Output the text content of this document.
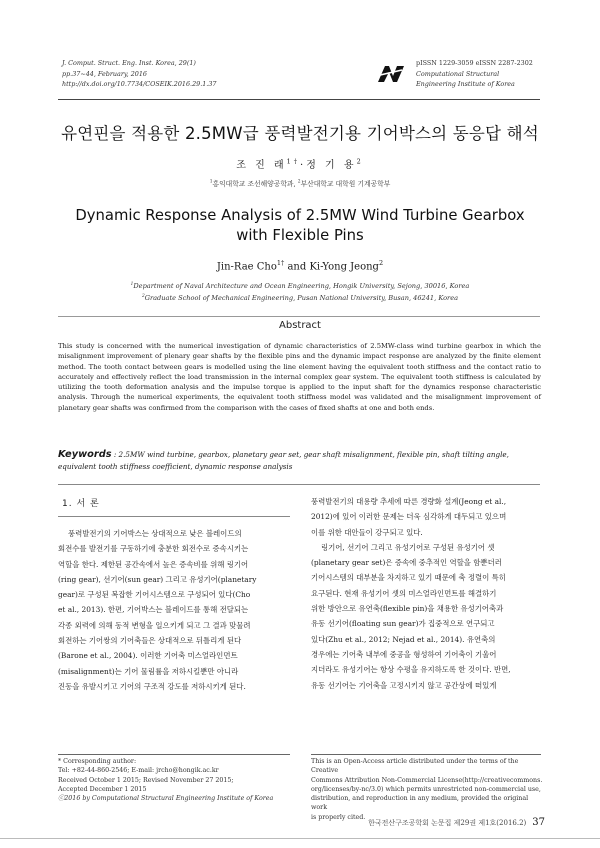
J. Comput. Struct. Eng. Inst. Korea, 29(1)
pp.37~44, February, 2016
http://dx.doi.org/10.7734/COSEIK.2016.29.1.37
pISSN 1229-3059 eISSN 2287-2302
Computational Structural
Engineering Institute of Korea
유연핀을 적용한 2.5MW급 풍력발전기용 기어박스의 동응답 해석
조 진 래$^{1\dagger}$·정 기 용$^2$
$^1$홍익대학교 조선해양공학과, $^2$부산대학교 대학원 기계공학부
Dynamic Response Analysis of 2.5MW Wind Turbine Gearbox
with Flexible Pins
Jin-Rae Cho$^{1\dagger}$ and Ki-Yong Jeong$^2$
$^1$Department of Naval Architecture and Ocean Engineering, Hongik University, Sejong, 30016, Korea
$^2$Graduate School of Mechanical Engineering, Pusan National University, Busan, 46241, Korea
Abstract
This study is concerned with the numerical investigation of dynamic characteristics of 2.5MW-class wind turbine gearbox in which the misalignment improvement of plenary gear shafts by the flexible pins and the dynamic impact response are analyzed by the finite element method. The tooth contact between gears is modelled using the line element having the equivalent tooth stiffness and the contact ratio to accurately and effectively reflect the load transmission in the internal complex gear system. The equivalent tooth stiffness is calculated by utilizing the tooth deformation analysis and the impulse torque is applied to the input shaft for the dynamics response characteristic analysis. Through the numerical experiments, the equivalent tooth stiffness model was validated and the misalignment improvement of planetary gear shafts was confirmed from the comparison with the cases of fixed shafts at one and both ends.
Keywords : 2.5MW wind turbine, gearbox, planetary gear set, gear shaft misalignment, flexible pin, shaft tilting angle, equivalent tooth stiffness coefficient, dynamic response analysis
1. 서 론
풍력발전기의 기어박스는 상대적으로 낮은 블레이드의
회전수를 발전기를 구동하기에 충분한 회전수로 증속시키는
역할을 한다. 제한된 공간속에서 높은 증속비를 위해 링기어
(ring gear), 선기어(sun gear) 그리고 유성기어(planetary
gear)로 구성된 복잡한 기어시스템으로 구성되어 있다(Cho
et al., 2013). 한편, 기어박스는 블레이드를 통해 전달되는
각종 외력에 의해 동적 변형을 일으키게 되고 그 결과 맞물려
회전하는 기어쌍의 기어축들은 상대적으로 뒤틀리게 된다
(Barone et al., 2004). 이러한 기어축 미스얼라인먼트
(misalignment)는 기어 물림률을 저하시킬뿐만 아니라
진동을 유발시키고 기어의 구조적 강도를 저하시키게 된다.
풍력발전기의 대용량 추세에 따른 경량화 설계(Jeong et al.,
2012)에 있어 이러한 문제는 더욱 심각하게 대두되고 있으며
이를 위한 대안들이 강구되고 있다.
링기어, 선기어 그리고 유성기어로 구성된 유성기어 셋
(planetary gear set)은 증속에 중추적인 역할을 함뿐더러
기어시스템의 대부분을 차지하고 있기 때문에 축 정렬이 특히
요구된다. 현재 유성기어 셋의 미스얼라인먼트를 해결하기
위한 방안으로 유연축(flexible pin)을 채용한 유성기어축과
유동 선기어(floating sun gear)가 집중적으로 연구되고
있다(Zhu et al., 2012; Nejad et al., 2014). 유연축의
경우에는 기어축 내부에 중공을 형성하여 기어축이 기울어
지더라도 유성기어는 항상 수평을 유지하도록 한 것이다. 반면,
유동 선기어는 기어축을 고정시키지 않고 공간상에 떠있게
* Corresponding author:
Tel: +82-44-860-2546; E-mail: jrcho@hongik.ac.kr
Received October 1 2015; Revised November 27 2015;
Accepted December 1 2015
ⓒ2016 by Computational Structural Engineering Institute of Korea
This is an Open-Access article distributed under the terms of the Creative
Commons Attribution Non-Commercial License(http://creativecommons.
org/licenses/by-nc/3.0) which permits unrestricted non-commercial use,
distribution, and reproduction in any medium, provided the original work
is properly cited.
한국전산구조공학회 논문집 제29권 제1호(2016.2) 37
